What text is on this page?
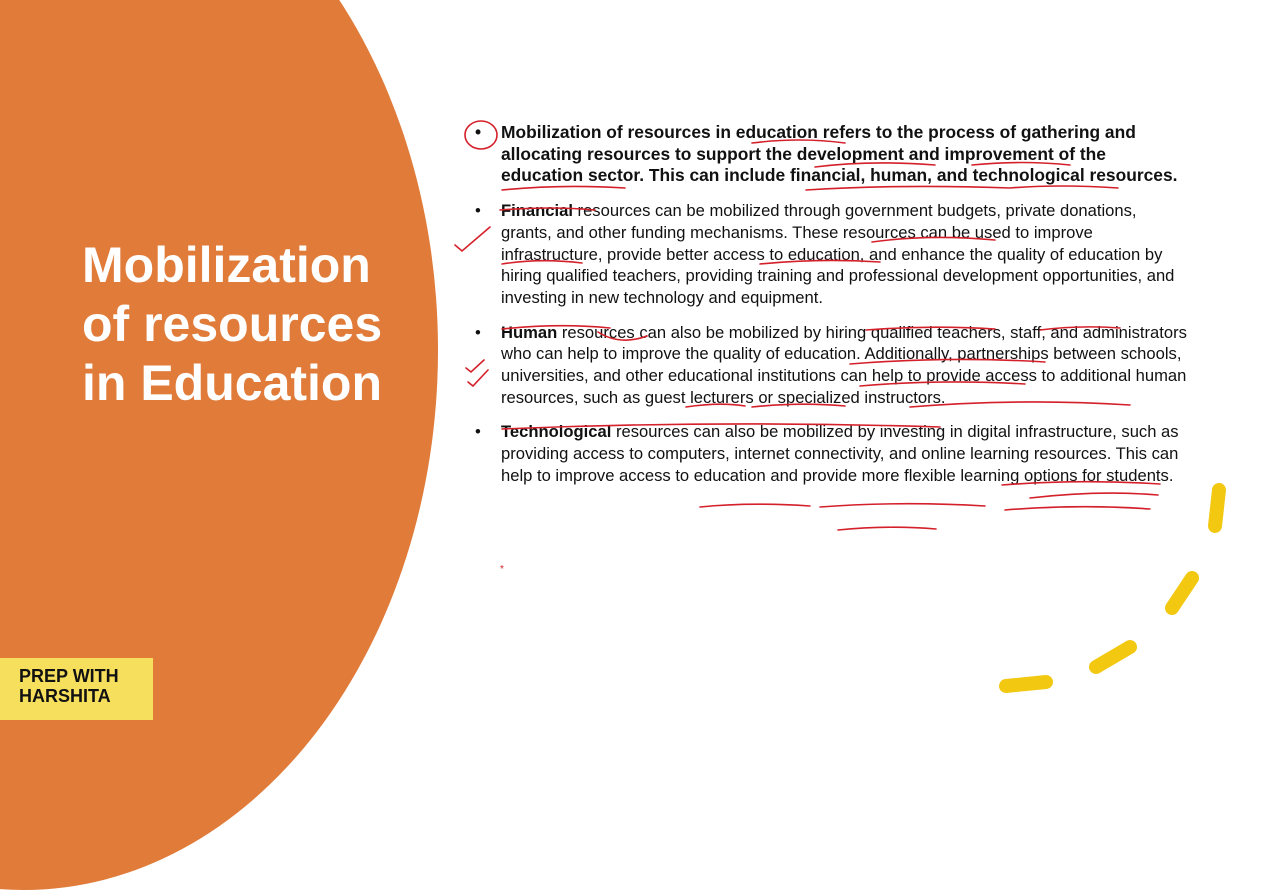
Mobilization of resources in Education
PREP WITH HARSHITA
• Mobilization of resources in education refers to the process of gathering and allocating resources to support the development and improvement of the education sector. This can include financial, human, and technological resources.
• Financial resources can be mobilized through government budgets, private donations, grants, and other funding mechanisms. These resources can be used to improve infrastructure, provide better access to education, and enhance the quality of education by hiring qualified teachers, providing training and professional development opportunities, and investing in new technology and equipment.
• Human resources can also be mobilized by hiring qualified teachers, staff, and administrators who can help to improve the quality of education. Additionally, partnerships between schools, universities, and other educational institutions can help to provide access to additional human resources, such as guest lecturers or specialized instructors.
• Technological resources can also be mobilized by investing in digital infrastructure, such as providing access to computers, internet connectivity, and online learning resources. This can help to improve access to education and provide more flexible learning options for students.
*
